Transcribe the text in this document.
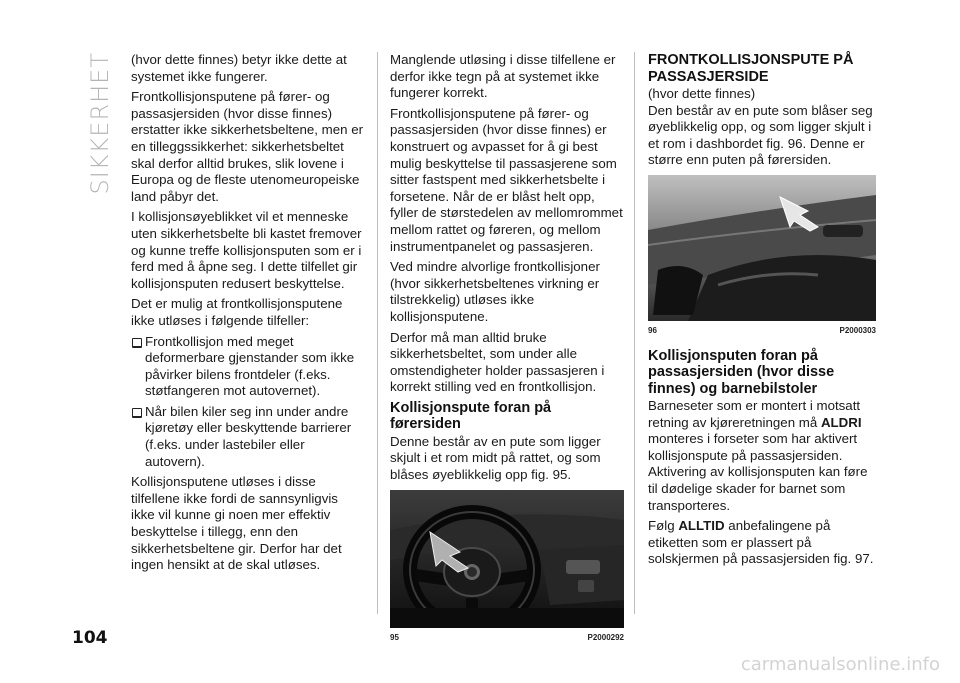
SIKKERHET
104

(hvor dette finnes) betyr ikke dette at systemet ikke fungerer.

Frontkollisjonsputene på fører- og passasjersiden (hvor disse finnes) erstatter ikke sikkerhetsbeltene, men er en tilleggssikkerhet: sikkerhetsbeltet skal derfor alltid brukes, slik lovene i Europa og de fleste utenomeuropeiske land påbyr det.

I kollisjonsøyeblikket vil et menneske uten sikkerhetsbelte bli kastet fremover og kunne treffe kollisjonsputen som er i ferd med å åpne seg. I dette tilfellet gir kollisjonsputen redusert beskyttelse.

Det er mulig at frontkollisjonsputene ikke utløses i følgende tilfeller:

Frontkollisjon med meget deformerbare gjenstander som ikke påvirker bilens frontdeler (f.eks. støtfangeren mot autovernet).

Når bilen kiler seg inn under andre kjøretøy eller beskyttende barrierer (f.eks. under lastebiler eller autovern).

Kollisjonsputene utløses i disse tilfellene ikke fordi de sannsynligvis ikke vil kunne gi noen mer effektiv beskyttelse i tillegg, enn den sikkerhetsbeltene gir. Derfor har det ingen hensikt at de skal utløses.

Manglende utløsing i disse tilfellene er derfor ikke tegn på at systemet ikke fungerer korrekt.

Frontkollisjonsputene på fører- og passasjersiden (hvor disse finnes) er konstruert og avpasset for å gi best mulig beskyttelse til passasjerene som sitter fastspent med sikkerhetsbelte i forsetene. Når de er blåst helt opp, fyller de størstedelen av mellomrommet mellom rattet og føreren, og mellom instrumentpanelet og passasjeren.

Ved mindre alvorlige frontkollisjoner (hvor sikkerhetsbeltenes virkning er tilstrekkelig) utløses ikke kollisjonsputene.

Derfor må man alltid bruke sikkerhetsbeltet, som under alle omstendigheter holder passasjeren i korrekt stilling ved en frontkollisjon.

Kollisjonspute foran på førersiden

Denne består av en pute som ligger skjult i et rom midt på rattet, og som blåses øyeblikkelig opp fig. 95.

95	P2000292
FRONTKOLLISJONSPUTE PÅ PASSASJERSIDE

(hvor dette finnes)

Den består av en pute som blåser seg øyeblikkelig opp, og som ligger skjult i et rom i dashbordet fig. 96. Denne er større enn puten på førersiden.

96	P2000303
Kollisjonsputen foran på passasjersiden (hvor disse finnes) og barnebilstoler

Barneseter som er montert i motsatt retning av kjøreretningen må ALDRI monteres i forseter som har aktivert kollisjonspute på passasjersiden. Aktivering av kollisjonsputen kan føre til dødelige skader for barnet som transporteres.

Følg ALLTID anbefalingene på etiketten som er plassert på solskjermen på passasjersiden fig. 97.

carmanualsonline.info
